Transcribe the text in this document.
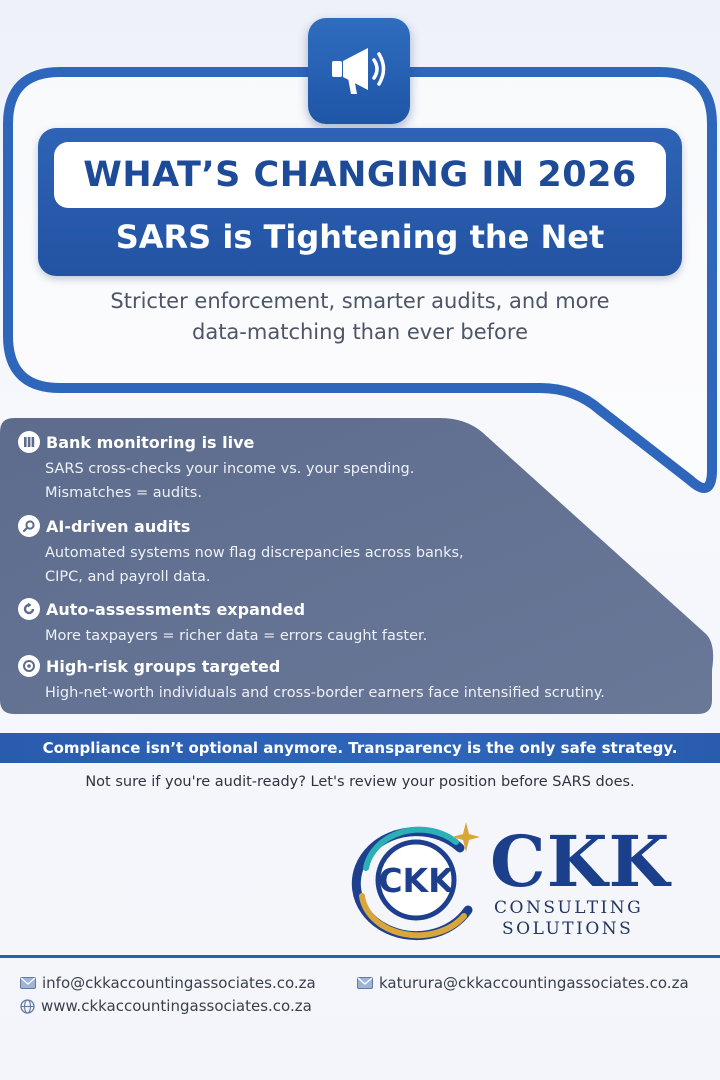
WHAT’S CHANGING IN 2026
SARS is Tightening the Net
Stricter enforcement, smarter audits, and more
data-matching than ever before
Bank monitoring is live
SARS cross-checks your income vs. your spending.
Mismatches = audits.
AI-driven audits
Automated systems now flag discrepancies across banks,
CIPC, and payroll data.
Auto-assessments expanded
More taxpayers = richer data = errors caught faster.
High-risk groups targeted
High-net-worth individuals and cross-border earners face intensified scrutiny.
Compliance isn’t optional anymore. Transparency is the only safe strategy.
Not sure if you're audit-ready? Let's review your position before SARS does.
CKK CKK
CONSULTING
SOLUTIONS
info@ckkaccountingassociates.co.za	katurura@ckkaccountingassociates.co.za
www.ckkaccountingassociates.co.za
